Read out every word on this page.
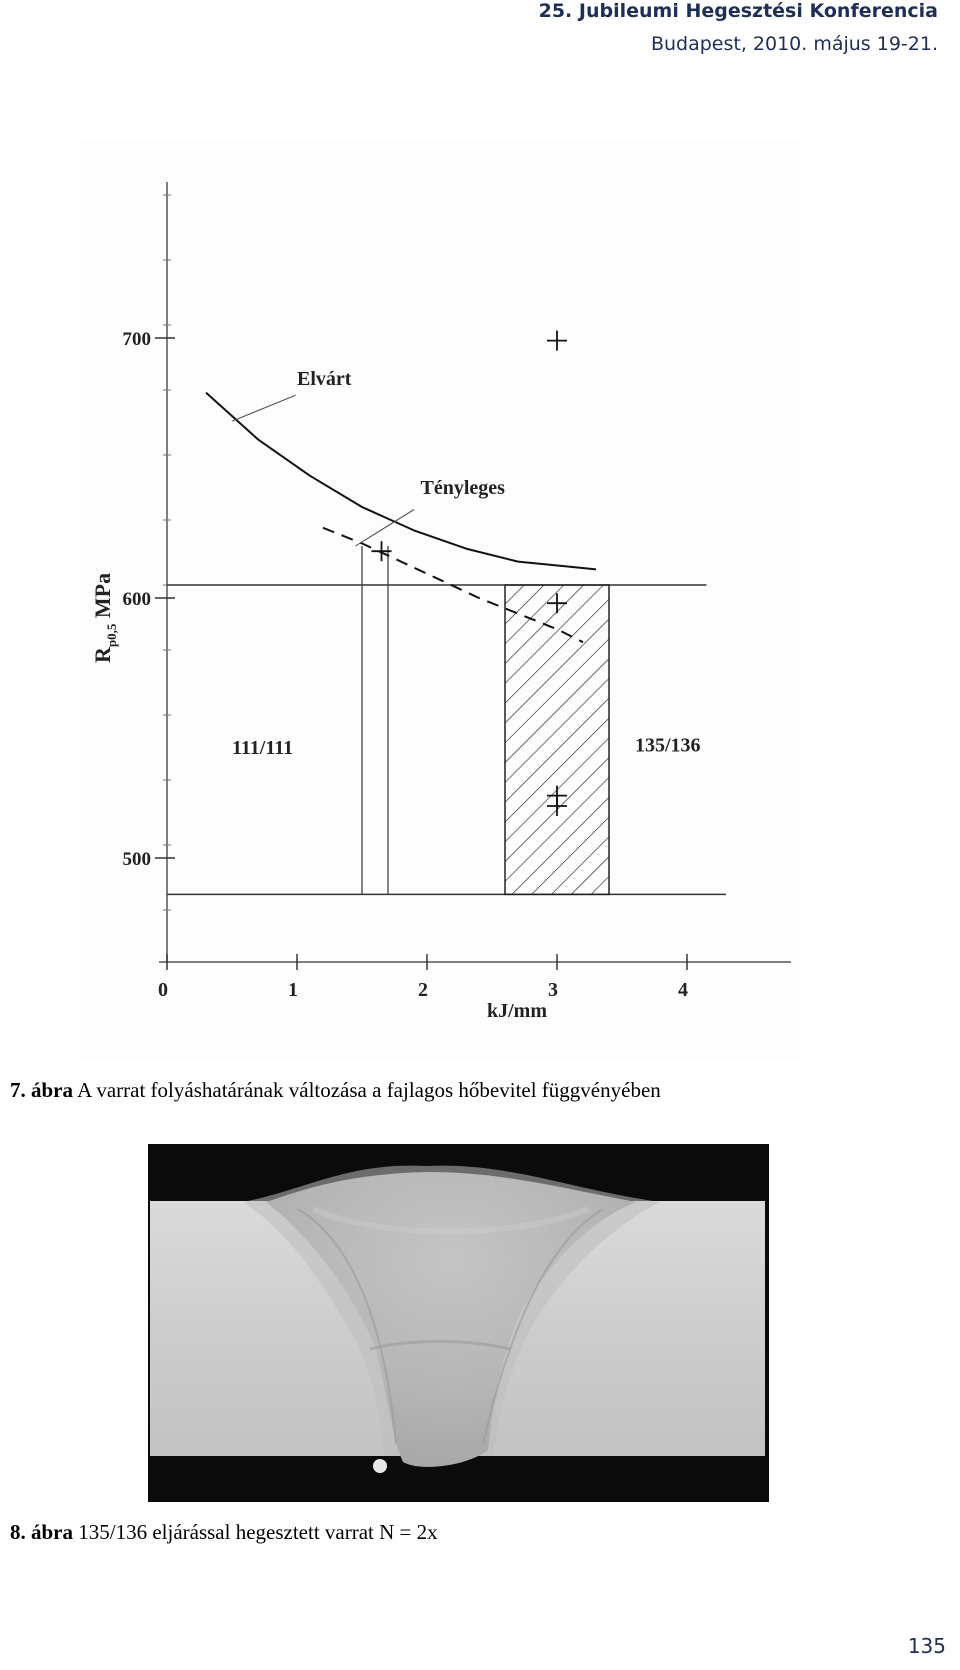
25. Jubileumi Hegesztési Konferencia
Budapest, 2010. május 19-21.
500
600
700
0	1	2	3	4
kJ/mm
$R_{p0,5}$ MPa
Elvárt
Tényleges
111/111	135/136
7. ábra A varrat folyáshatárának változása a fajlagos hőbevitel függvényében
8. ábra 135/136 eljárással hegesztett varrat N = 2x
135
